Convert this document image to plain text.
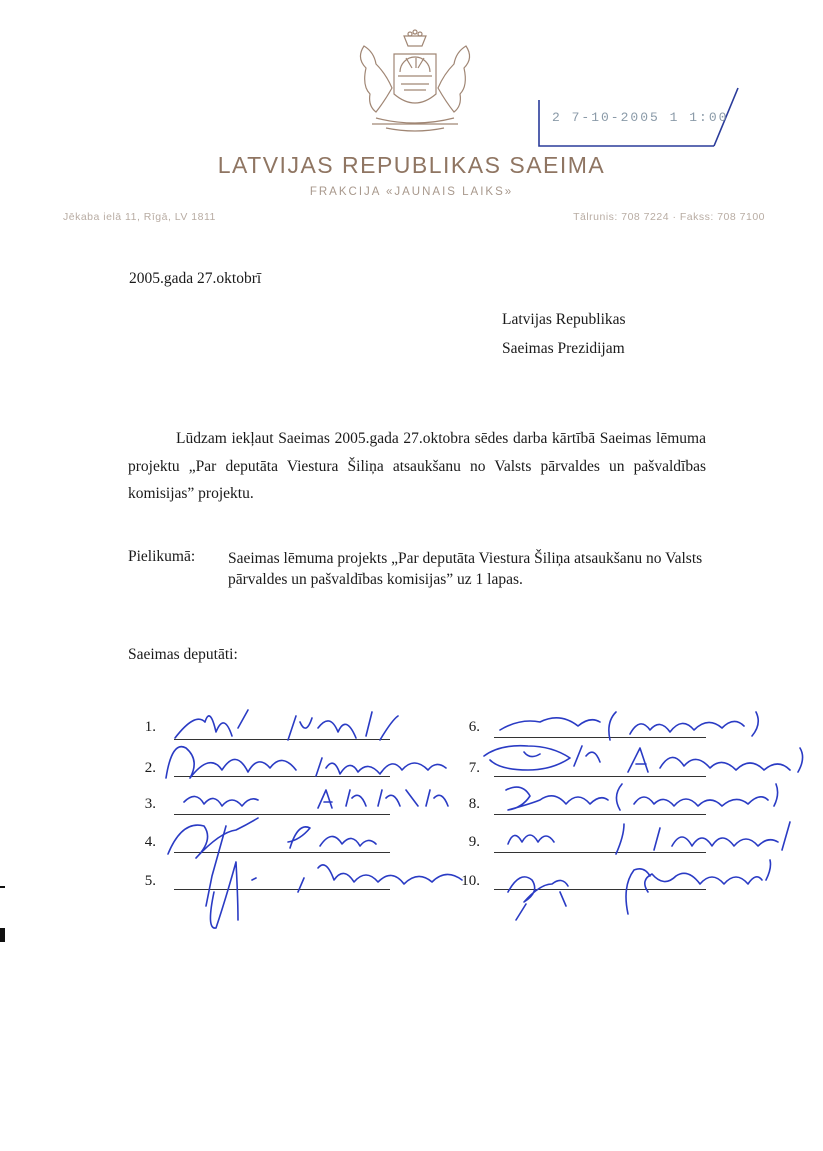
2 7-10-2005 1 1:00
LATVIJAS REPUBLIKAS SAEIMA
FRAKCIJA «JAUNAIS LAIKS»
Jēkaba ielā 11, Rīgā, LV 1811	Tālrunis: 708 7224 · Fakss: 708 7100
2005.gada 27.oktobrī
Latvijas Republikas
Saeimas Prezidijam
Lūdzam iekļaut Saeimas 2005.gada 27.oktobra sēdes darba kārtībā Saeimas lēmuma projektu „Par deputāta Viestura Šiliņa atsaukšanu no Valsts pārvaldes un pašvaldības komisijas” projektu.
Pielikumā: Saeimas lēmuma projekts „Par deputāta Viestura Šiliņa atsaukšanu no Valsts pārvaldes un pašvaldības komisijas” uz 1 lapas.
Saeimas deputāti:
1.
2.
3.
4.
5.
6.
7.
8.
9.
10.
